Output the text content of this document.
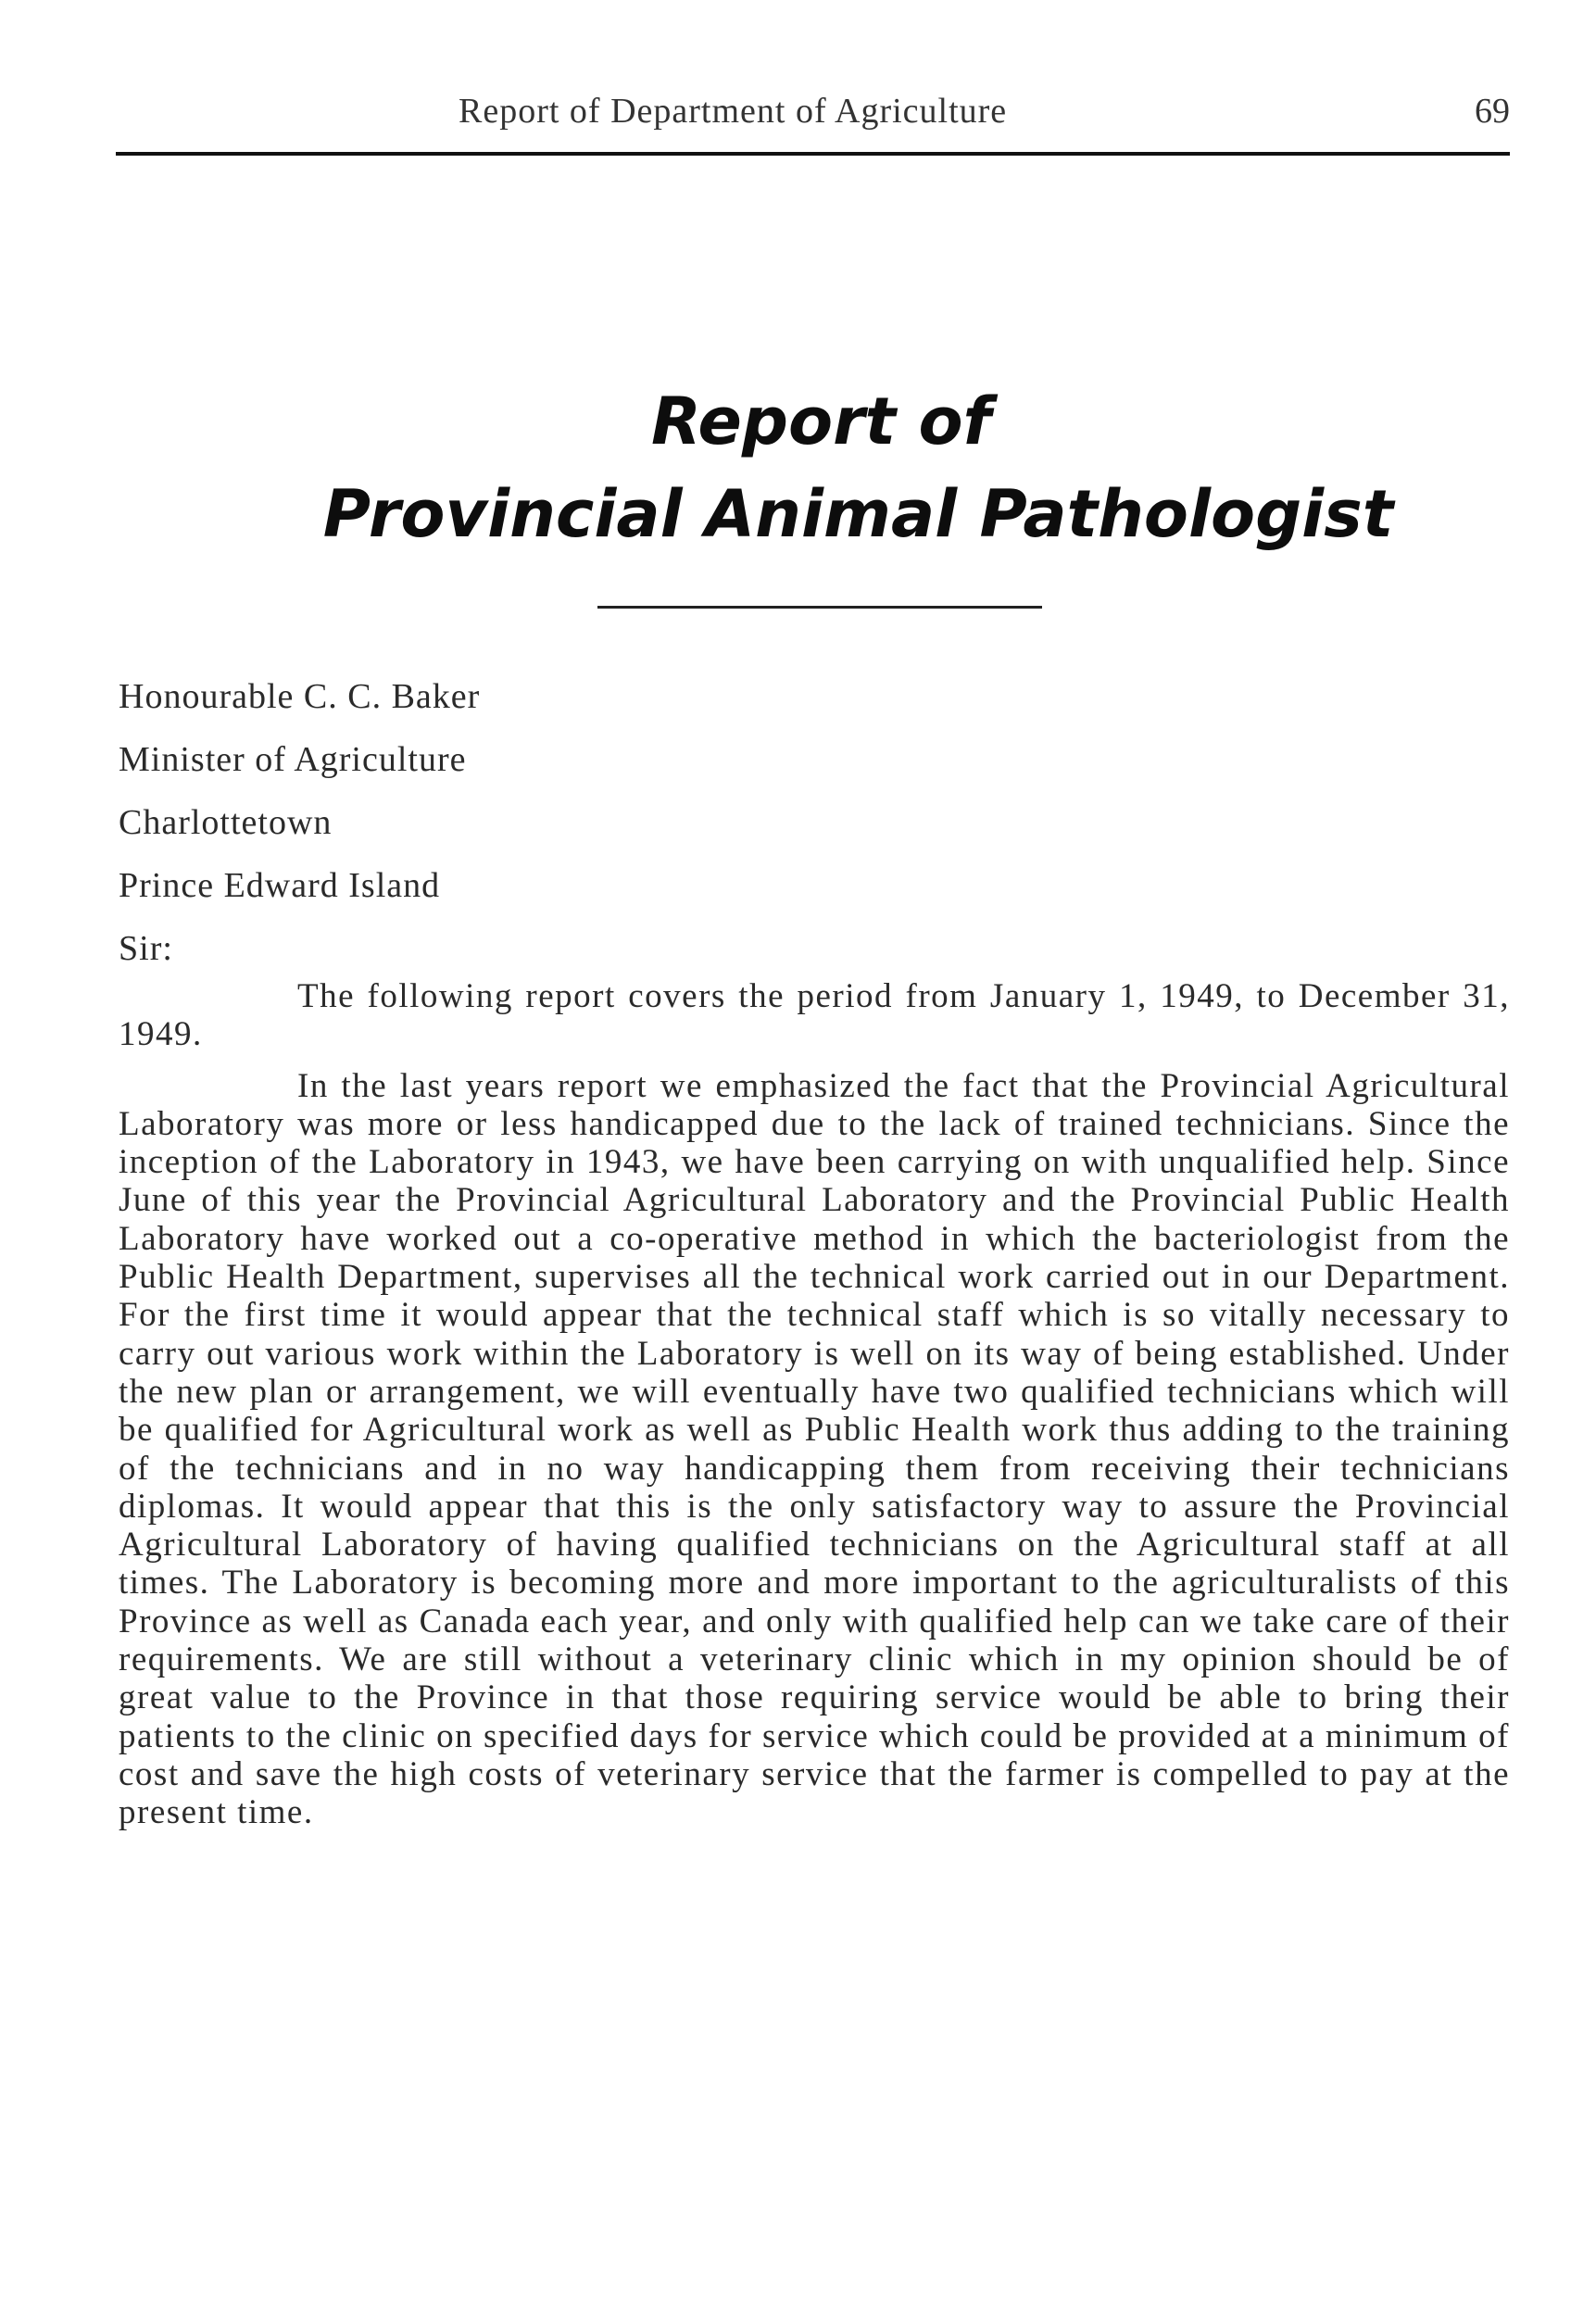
Report of Department of Agriculture	69
Report of
Provincial Animal Pathologist
Honourable C. C. Baker
Minister of Agriculture
Charlottetown
Prince Edward Island
Sir:

The following report covers the period from January 1, 1949, to December 31, 1949.

In the last years report we emphasized the fact that the Provincial Agricultural Laboratory was more or less handicapped due to the lack of trained technicians. Since the inception of the Laboratory in 1943, we have been carrying on with unqualified help. Since June of this year the Provincial Agricultural Laboratory and the Provincial Public Health Laboratory have worked out a co-operative method in which the bacteriologist from the Public Health Department, supervises all the technical work carried out in our Department. For the first time it would appear that the technical staff which is so vitally necessary to carry out various work within the Laboratory is well on its way of being established. Under the new plan or arrangement, we will eventually have two qualified technicians which will be qualified for Agricultural work as well as Public Health work thus adding to the training of the technicians and in no way handicapping them from receiving their technicians diplomas. It would appear that this is the only satisfactory way to assure the Provincial Agricultural Laboratory of having qualified technicians on the Agricultural staff at all times. The Laboratory is becoming more and more important to the agriculturalists of this Province as well as Canada each year, and only with qualified help can we take care of their requirements. We are still without a veterinary clinic which in my opinion should be of great value to the Province in that those requiring service would be able to bring their patients to the clinic on specified days for service which could be provided at a minimum of cost and save the high costs of veterinary service that the farmer is compelled to pay at the present time.
